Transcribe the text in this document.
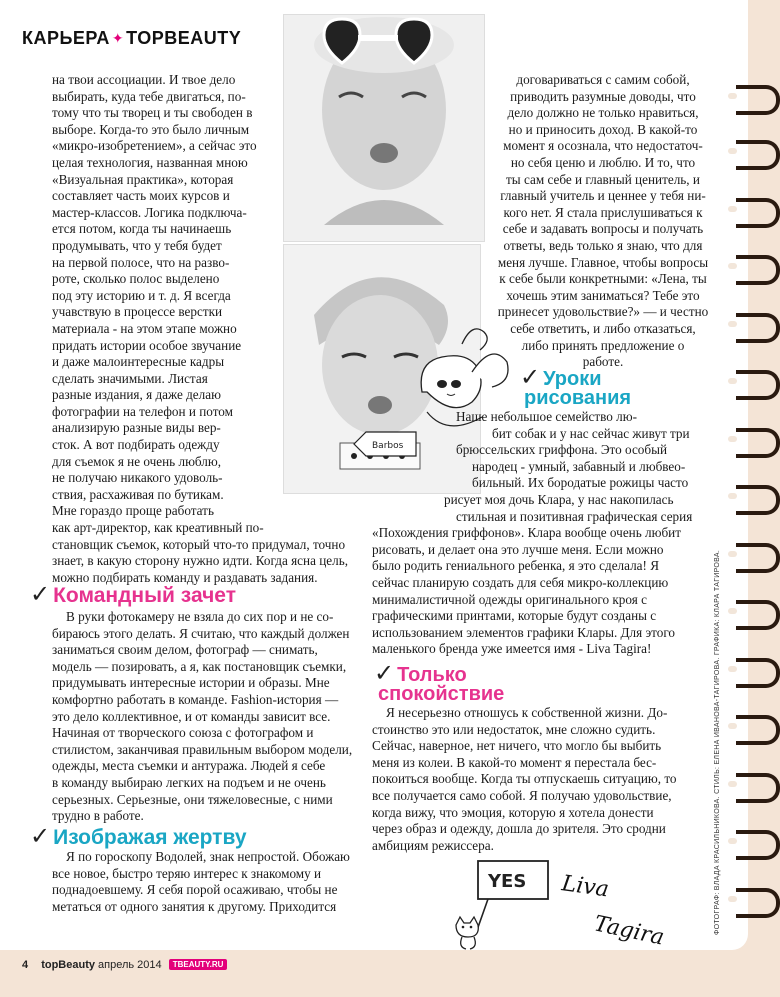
КАРЬЕРА ✦ TOPBEAUTY
Barbos
на твои ассоциации. И твое дело
выбирать, куда тебе двигаться, по-
тому что ты творец и ты свободен в
выборе. Когда-то это было личным
«микро-изобретением», а сейчас это
целая технология, названная мною
«Визуальная практика», которая
составляет часть моих курсов и
мастер-классов. Логика подключа-
ется потом, когда ты начинаешь
продумывать, что у тебя будет
на первой полосе, что на разво-
роте, сколько полос выделено
под эту историю и т. д. Я всегда
учавствую в процессе верстки
материала - на этом этапе можно
придать истории особое звучание
и даже малоинтересные кадры
сделать значимыми. Листая
разные издания, я даже делаю
фотографии на телефон и потом
анализирую разные виды вер-
сток. А вот подбирать одежду
для съемок я не очень люблю,
не получаю никакого удоволь-
ствия, расхаживая по бутикам.
Мне гораздо проще работать
как арт-директор, как креативный по-
становщик съемок, который что-то придумал, точно
знает, в какую сторону нужно идти. Когда ясна цель,
можно подбирать команду и раздавать задания.
✓ Командный зачет
В руки фотокамеру не взяла до сих пор и не со-
бираюсь этого делать. Я считаю, что каждый должен
заниматься своим делом, фотограф — снимать,
модель — позировать, а я, как постановщик съемки,
придумывать интересные истории и образы. Мне
комфортно работать в команде. Fashion-история —
это дело коллективное, и от команды зависит все.
Начиная от творческого союза с фотографом и
стилистом, заканчивая правильным выбором модели,
одежды, места съемки и антуража. Людей я себе
в команду выбираю легких на подъем и не очень
серьезных. Серьезные, они тяжеловесные, с ними
трудно в работе.
✓ Изображая жертву
Я по гороскопу Водолей, знак непростой. Обожаю
все новое, быстро теряю интерес к знакомому и
поднадоевшему. Я себя порой осаживаю, чтобы не
метаться от одного занятия к другому. Приходится
договариваться с самим собой,
приводить разумные доводы, что
дело должно не только нравиться,
но и приносить доход. В какой-то
момент я осознала, что недостаточ-
но себя ценю и люблю. И то, что
ты сам себе и главный ценитель, и
главный учитель и ценнее у тебя ни-
кого нет. Я стала прислушиваться к
себе и задавать вопросы и получать
ответы, ведь только я знаю, что для
меня лучше. Главное, чтобы вопросы
к себе были конкретными: «Лена, ты
хочешь этим заниматься? Тебе это
принесет удовольствие?» — и честно
себе ответить, и либо отказаться,
либо принять предложение о
работе.
✓ Уроки
рисования
Наше небольшое семейство лю-
бит собак и у нас сейчас живут три
брюссельских гриффона. Это особый
народец - умный, забавный и любвео-
бильный. Их бородатые рожицы часто
рисует моя дочь Клара, у нас накопилась
стильная и позитивная графическая серия
«Похождения гриффонов». Клара вообще очень любит
рисовать, и делает она это лучше меня. Если можно
было родить гениального ребенка, я это сделала! Я
сейчас планирую создать для себя микро-коллекцию
минималистичной одежды оригинального кроя с
графическими принтами, которые будут созданы с
использованием элементов графики Клары. Для этого
маленького бренда уже имеется имя - Liva Tagira!
✓ Только
спокойствие
Я несерьезно отношусь к собственной жизни. До-
стоинство это или недостаток, мне сложно судить.
Сейчас, наверное, нет ничего, что могло бы выбить
меня из колеи. В какой-то момент я перестала бес-
покоиться вообще. Когда ты отпускаешь ситуацию, то
все получается само собой. Я получаю удовольствие,
когда вижу, что эмоция, которую я хотела донести
через образ и одежду, дошла до зрителя. Это сродни
амбициям режиссера.
YES Liva
Tagira	ФОТОГРАФ: ВЛАДА КРАСИЛЬНИКОВА. СТИЛЬ: ЕЛЕНА ИВАНОВА-ТАГИРОВА. ГРАФИКА: КЛАРА ТАГИРОВА.
4 topBeauty апрель 2014 TBEAUTY.RU
